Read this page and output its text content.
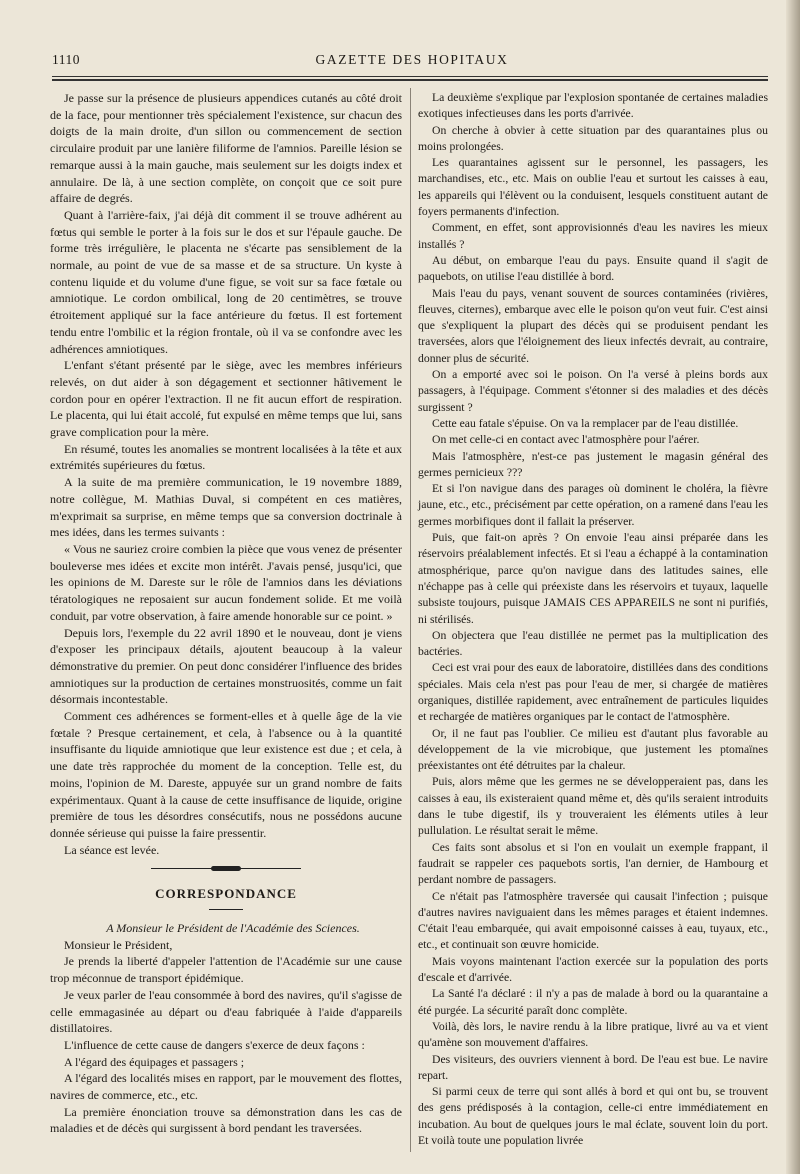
1110	GAZETTE DES HOPITAUX

Je passe sur la présence de plusieurs appendices cutanés au côté droit de la face, pour mentionner très spécialement l'existence, sur chacun des doigts de la main droite, d'un sillon ou commencement de section circulaire produit par une lanière filiforme de l'amnios. Pareille lésion se remarque aussi à la main gauche, mais seulement sur les doigts index et annulaire. De là, à une section complète, on conçoit que ce soit pure affaire de degrés.

Quant à l'arrière-faix, j'ai déjà dit comment il se trouve adhérent au fœtus qui semble le porter à la fois sur le dos et sur l'épaule gauche. De forme très irrégulière, le placenta ne s'écarte pas sensiblement de la normale, au point de vue de sa masse et de sa structure. Un kyste à contenu liquide et du volume d'une figue, se voit sur sa face fœtale ou amniotique. Le cordon ombilical, long de 20 centimètres, se trouve étroitement appliqué sur la face antérieure du fœtus. Il est fortement tendu entre l'ombilic et la région frontale, où il va se confondre avec les adhérences amniotiques.

L'enfant s'étant présenté par le siège, avec les membres inférieurs relevés, on dut aider à son dégagement et sectionner hâtivement le cordon pour en opérer l'extraction. Il ne fit aucun effort de respiration. Le placenta, qui lui était accolé, fut expulsé en même temps que lui, sans grave complication pour la mère.

En résumé, toutes les anomalies se montrent localisées à la tête et aux extrémités supérieures du fœtus.

A la suite de ma première communication, le 19 novembre 1889, notre collègue, M. Mathias Duval, si compétent en ces matières, m'exprimait sa surprise, en même temps que sa conversion doctrinale à mes idées, dans les termes suivants :

« Vous ne sauriez croire combien la pièce que vous venez de présenter bouleverse mes idées et excite mon intérêt. J'avais pensé, jusqu'ici, que les opinions de M. Dareste sur le rôle de l'amnios dans les déviations tératologiques ne reposaient sur aucun fondement solide. Et me voilà conduit, par votre observation, à faire amende honorable sur ce point. »

Depuis lors, l'exemple du 22 avril 1890 et le nouveau, dont je viens d'exposer les principaux détails, ajoutent beaucoup à la valeur démonstrative du premier. On peut donc considérer l'influence des brides amniotiques sur la production de certaines monstruosités, comme un fait désormais incontestable.

Comment ces adhérences se forment-elles et à quelle âge de la vie fœtale ? Presque certainement, et cela, à l'absence ou à la quantité insuffisante du liquide amniotique que leur existence est due ; et cela, à une date très rapprochée du moment de la conception. Telle est, du moins, l'opinion de M. Dareste, appuyée sur un grand nombre de faits expérimentaux. Quant à la cause de cette insuffisance de liquide, origine première de tous les désordres consécutifs, nous ne possédons aucune donnée sérieuse qui puisse la faire pressentir.

La séance est levée.

CORRESPONDANCE

A Monsieur le Président de l'Académie des Sciences.

Monsieur le Président,

Je prends la liberté d'appeler l'attention de l'Académie sur une cause trop méconnue de transport épidémique.

Je veux parler de l'eau consommée à bord des navires, qu'il s'agisse de celle emmagasinée au départ ou d'eau fabriquée à l'aide d'appareils distillatoires.

L'influence de cette cause de dangers s'exerce de deux façons :

A l'égard des équipages et passagers ;

A l'égard des localités mises en rapport, par le mouvement des flottes, navires de commerce, etc., etc.

La première énonciation trouve sa démonstration dans les cas de maladies et de décès qui surgissent à bord pendant les traversées.

La deuxième s'explique par l'explosion spontanée de certaines maladies exotiques infectieuses dans les ports d'arrivée.

On cherche à obvier à cette situation par des quarantaines plus ou moins prolongées.

Les quarantaines agissent sur le personnel, les passagers, les marchandises, etc., etc. Mais on oublie l'eau et surtout les caisses à eau, les appareils qui l'élèvent ou la conduisent, lesquels constituent autant de foyers permanents d'infection.

Comment, en effet, sont approvisionnés d'eau les navires les mieux installés ?

Au début, on embarque l'eau du pays. Ensuite quand il s'agit de paquebots, on utilise l'eau distillée à bord.

Mais l'eau du pays, venant souvent de sources contaminées (rivières, fleuves, citernes), embarque avec elle le poison qu'on veut fuir. C'est ainsi que s'expliquent la plupart des décès qui se produisent pendant les traversées, alors que l'éloignement des lieux infectés devrait, au contraire, donner plus de sécurité.

On a emporté avec soi le poison. On l'a versé à pleins bords aux passagers, à l'équipage. Comment s'étonner si des maladies et des décès surgissent ?

Cette eau fatale s'épuise. On va la remplacer par de l'eau distillée.

On met celle-ci en contact avec l'atmosphère pour l'aérer.

Mais l'atmosphère, n'est-ce pas justement le magasin général des germes pernicieux ???

Et si l'on navigue dans des parages où dominent le choléra, la fièvre jaune, etc., etc., précisément par cette opération, on a ramené dans l'eau les germes morbifiques dont il fallait la préserver.

Puis, que fait-on après ? On envoie l'eau ainsi préparée dans les réservoirs préalablement infectés. Et si l'eau a échappé à la contamination atmosphérique, parce qu'on navigue dans des latitudes saines, elle n'échappe pas à celle qui préexiste dans les réservoirs et tuyaux, laquelle subsiste toujours, puisque JAMAIS CES APPAREILS ne sont ni purifiés, ni stérilisés.

On objectera que l'eau distillée ne permet pas la multiplication des bactéries.

Ceci est vrai pour des eaux de laboratoire, distillées dans des conditions spéciales. Mais cela n'est pas pour l'eau de mer, si chargée de matières organiques, distillée rapidement, avec entraînement de particules liquides et rechargée de matières organiques par le contact de l'atmosphère.

Or, il ne faut pas l'oublier. Ce milieu est d'autant plus favorable au développement de la vie microbique, que justement les ptomaïnes préexistantes ont été détruites par la chaleur.

Puis, alors même que les germes ne se développeraient pas, dans les caisses à eau, ils existeraient quand même et, dès qu'ils seraient introduits dans le tube digestif, ils y trouveraient les éléments utiles à leur pullulation. Le résultat serait le même.

Ces faits sont absolus et si l'on en voulait un exemple frappant, il faudrait se rappeler ces paquebots sortis, l'an dernier, de Hambourg et perdant nombre de passagers.

Ce n'était pas l'atmosphère traversée qui causait l'infection ; puisque d'autres navires naviguaient dans les mêmes parages et étaient indemnes. C'était l'eau embarquée, qui avait empoisonné caisses à eau, tuyaux, etc., etc., et continuait son œuvre homicide.

Mais voyons maintenant l'action exercée sur la population des ports d'escale et d'arrivée.

La Santé l'a déclaré : il n'y a pas de malade à bord ou la quarantaine a été purgée. La sécurité paraît donc complète.

Voilà, dès lors, le navire rendu à la libre pratique, livré au va et vient qu'amène son mouvement d'affaires.

Des visiteurs, des ouvriers viennent à bord. De l'eau est bue. Le navire repart.

Si parmi ceux de terre qui sont allés à bord et qui ont bu, se trouvent des gens prédisposés à la contagion, celle-ci entre immédiatement en incubation. Au bout de quelques jours le mal éclate, souvent loin du port. Et voilà toute une population livrée
